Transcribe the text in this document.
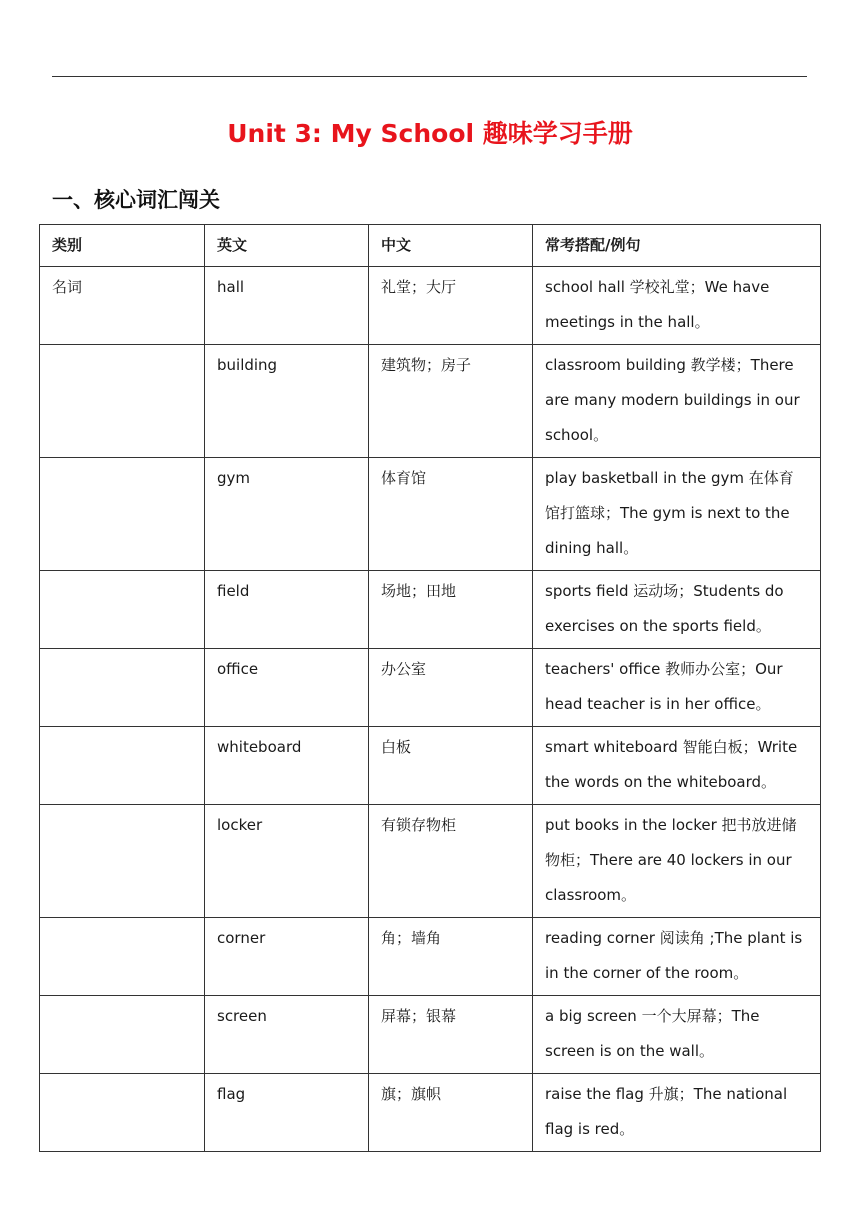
Unit 3: My School 趣味学习手册
一、核心词汇闯关
类别	英文	中文	常考搭配/例句
名词	hall	礼堂；大厅	school hall 学校礼堂；We have meetings in the hall。
	building	建筑物；房子	classroom building 教学楼；There are many modern buildings in our school。
	gym	体育馆	play basketball in the gym 在体育馆打篮球；The gym is next to the dining hall。
	field	场地；田地	sports field 运动场；Students do exercises on the sports field。
	office	办公室	teachers' office 教师办公室；Our head teacher is in her office。
	whiteboard	白板	smart whiteboard 智能白板；Write the words on the whiteboard。
	locker	有锁存物柜	put books in the locker 把书放进储物柜；There are 40 lockers in our classroom。
	corner	角；墙角	reading corner 阅读角 ;The plant is in the corner of the room。
	screen	屏幕；银幕	a big screen 一个大屏幕；The screen is on the wall。
	flag	旗；旗帜	raise the flag 升旗；The national flag is red。
